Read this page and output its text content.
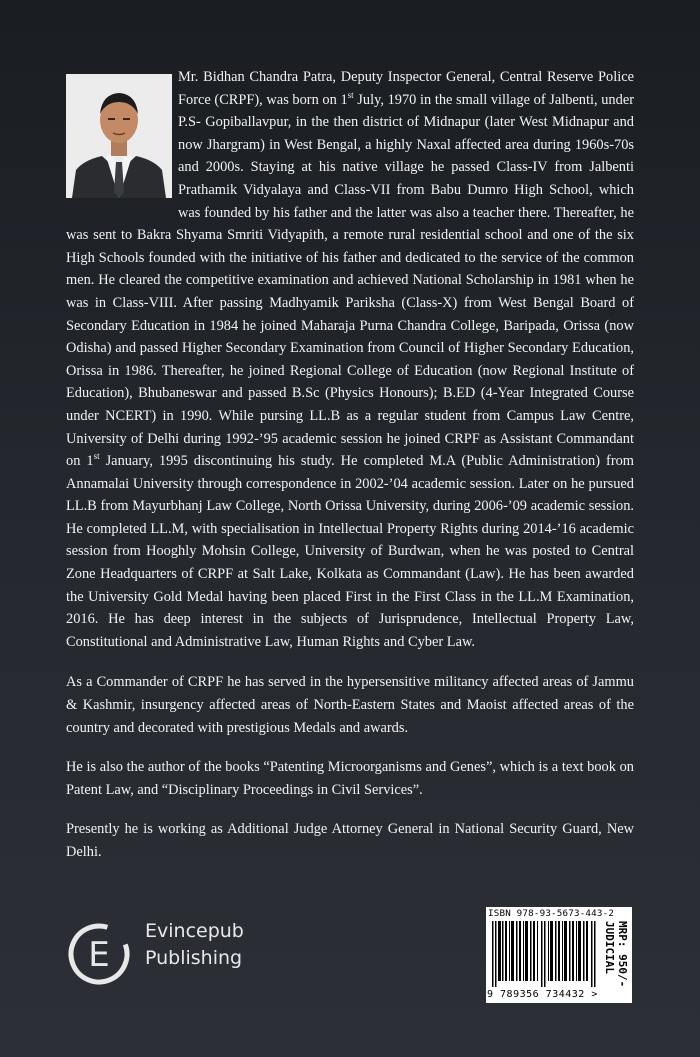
Mr. Bidhan Chandra Patra, Deputy Inspector General, Central Reserve Police Force (CRPF), was born on 1st July, 1970 in the small village of Jalbenti, under P.S- Gopiballavpur, in the then district of Midnapur (later West Midnapur and now Jhargram) in West Bengal, a highly Naxal affected area during 1960s-70s and 2000s. Staying at his native village he passed Class-IV from Jalbenti Prathamik Vidyalaya and Class-VII from Babu Dumro High School, which was founded by his father and the latter was also a teacher there. Thereafter, he was sent to Bakra Shyama Smriti Vidyapith, a remote rural residential school and one of the six High Schools founded with the initiative of his father and dedicated to the service of the common men. He cleared the competitive examination and achieved National Scholarship in 1981 when he was in Class-VIII. After passing Madhyamik Pariksha (Class-X) from West Bengal Board of Secondary Education in 1984 he joined Maharaja Purna Chandra College, Baripada, Orissa (now Odisha) and passed Higher Secondary Examination from Council of Higher Secondary Education, Orissa in 1986. Thereafter, he joined Regional College of Education (now Regional Institute of Education), Bhubaneswar and passed B.Sc (Physics Honours); B.ED (4-Year Integrated Course under NCERT) in 1990. While pursing LL.B as a regular student from Campus Law Centre, University of Delhi during 1992-’95 academic session he joined CRPF as Assistant Commandant on 1st January, 1995 discontinuing his study. He completed M.A (Public Administration) from Annamalai University through correspondence in 2002-’04 academic session. Later on he pursued LL.B from Mayurbhanj Law College, North Orissa University, during 2006-’09 academic session. He completed LL.M, with specialisation in Intellectual Property Rights during 2014-’16 academic session from Hooghly Mohsin College, University of Burdwan, when he was posted to Central Zone Headquarters of CRPF at Salt Lake, Kolkata as Commandant (Law). He has been awarded the University Gold Medal having been placed First in the First Class in the LL.M Examination, 2016. He has deep interest in the subjects of Jurisprudence, Intellectual Property Law, Constitutional and Administrative Law, Human Rights and Cyber Law.

As a Commander of CRPF he has served in the hypersensitive militancy affected areas of Jammu & Kashmir, insurgency affected areas of North-Eastern States and Maoist affected areas of the country and decorated with prestigious Medals and awards.

He is also the author of the books “Patenting Microorganisms and Genes”, which is a text book on Patent Law, and “Disciplinary Proceedings in Civil Services”.

Presently he is working as Additional Judge Attorney General in National Security Guard, New Delhi.

E
Evincepub
Publishing
ISBN 978-93-5673-443-2
9 789356 734432 >
MRP: 950/-
JUDICIAL
